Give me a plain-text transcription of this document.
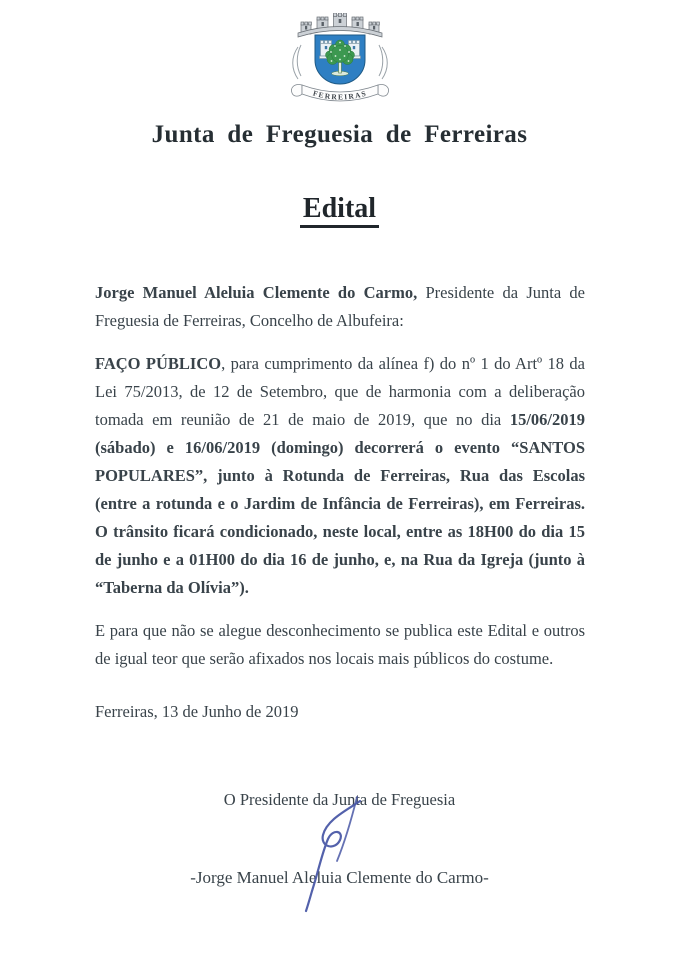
FERREIRAS
Junta de Freguesia de Ferreiras
Edital

Jorge Manuel Aleluia Clemente do Carmo, Presidente da Junta de Freguesia de Ferreiras, Concelho de Albufeira:

FAÇO PÚBLICO, para cumprimento da alínea f) do nº 1 do Artº 18 da Lei 75/2013, de 12 de Setembro, que de harmonia com a deliberação tomada em reunião de 21 de maio de 2019, que no dia 15/06/2019 (sábado) e 16/06/2019 (domingo) decorrerá o evento “SANTOS POPULARES”, junto à Rotunda de Ferreiras, Rua das Escolas (entre a rotunda e o Jardim de Infância de Ferreiras), em Ferreiras. O trânsito ficará condicionado, neste local, entre as 18H00 do dia 15 de junho e a 01H00 do dia 16 de junho, e, na Rua da Igreja (junto à “Taberna da Olívia”).

E para que não se alegue desconhecimento se publica este Edital e outros de igual teor que serão afixados nos locais mais públicos do costume.

Ferreiras, 13 de Junho de 2019

O Presidente da Junta de Freguesia

-Jorge Manuel Aleluia Clemente do Carmo-
